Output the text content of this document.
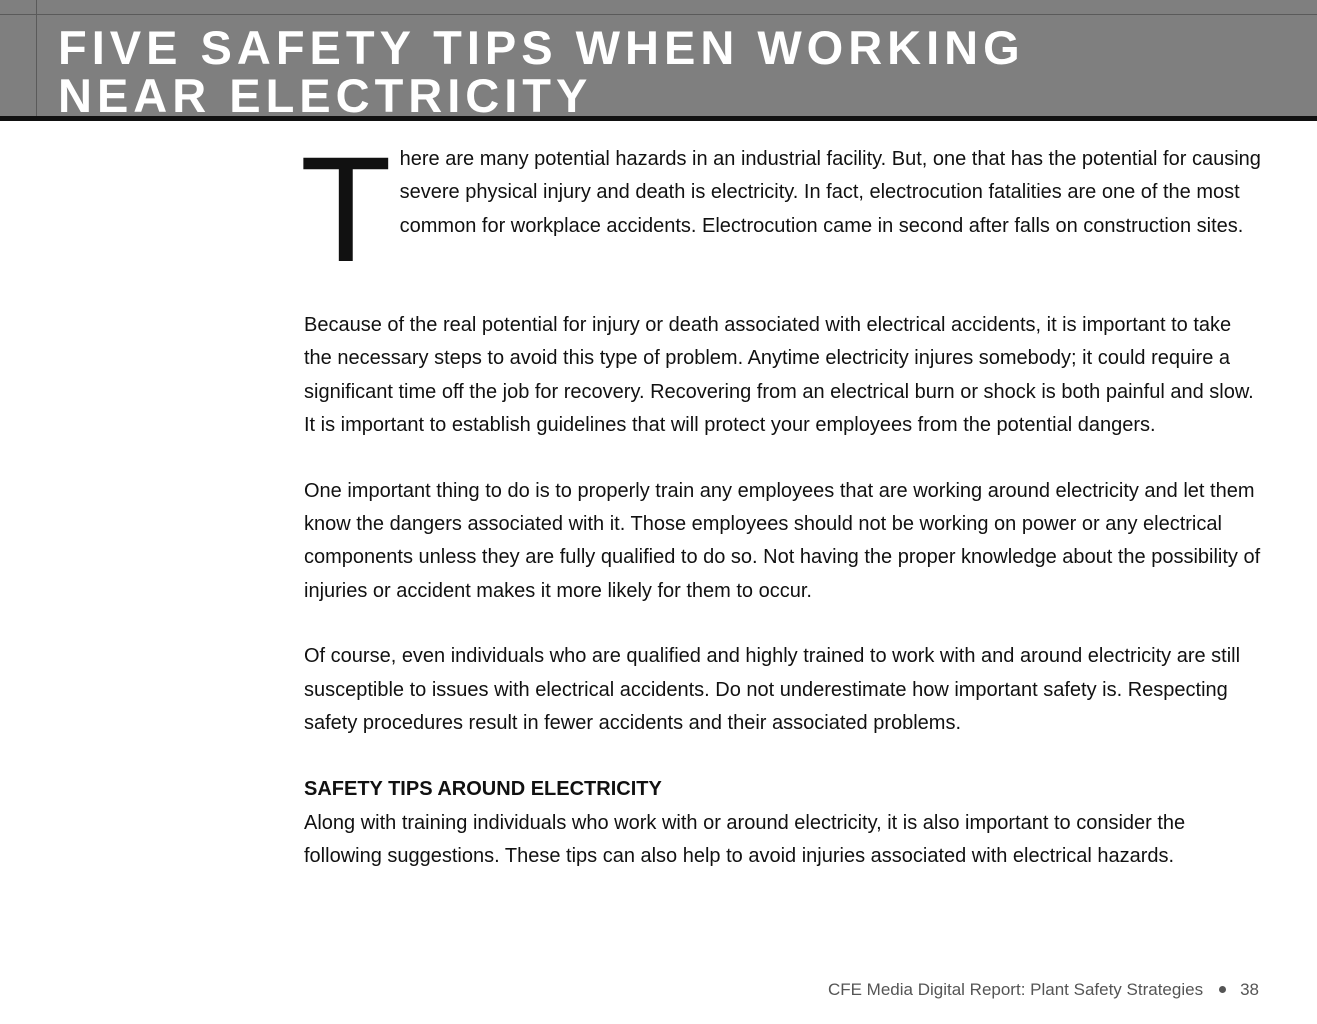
FIVE SAFETY TIPS WHEN WORKING
NEAR ELECTRICITY
T here are many potential hazards in an industrial facility. But, one that has the potential for causing severe physical injury and death is electricity. In fact, electrocution fatalities are one of the most common for workplace accidents. Electrocution came in second after falls on construction sites.

Because of the real potential for injury or death associated with electrical accidents, it is important to take the necessary steps to avoid this type of problem. Anytime electricity injures somebody; it could require a significant time off the job for recovery. Recovering from an electrical burn or shock is both painful and slow. It is important to establish guidelines that will protect your employees from the potential dangers.

One important thing to do is to properly train any employees that are working around electricity and let them know the dangers associated with it. Those employees should not be working on power or any electrical components unless they are fully qualified to do so. Not having the proper knowledge about the possibility of injuries or accident makes it more likely for them to occur.

Of course, even individuals who are qualified and highly trained to work with and around electricity are still susceptible to issues with electrical accidents. Do not underestimate how important safety is. Respecting safety procedures result in fewer accidents and their associated problems.

SAFETY TIPS AROUND ELECTRICITY

Along with training individuals who work with or around electricity, it is also important to consider the following suggestions. These tips can also help to avoid injuries associated with electrical hazards.

CFE Media Digital Report: Plant Safety Strategies 38
